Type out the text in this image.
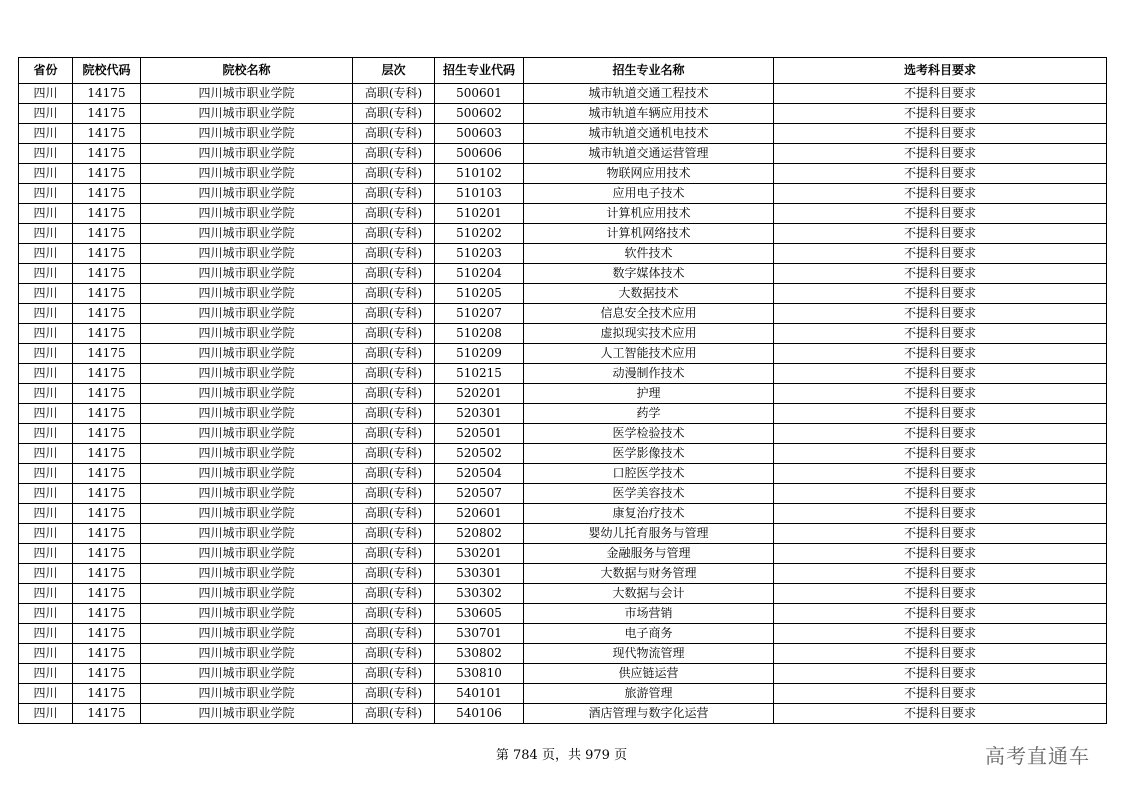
省份	院校代码	院校名称	层次	招生专业代码	招生专业名称	选考科目要求
四川	14175	四川城市职业学院	高职(专科)	500601	城市轨道交通工程技术	不提科目要求
四川	14175	四川城市职业学院	高职(专科)	500602	城市轨道车辆应用技术	不提科目要求
四川	14175	四川城市职业学院	高职(专科)	500603	城市轨道交通机电技术	不提科目要求
四川	14175	四川城市职业学院	高职(专科)	500606	城市轨道交通运营管理	不提科目要求
四川	14175	四川城市职业学院	高职(专科)	510102	物联网应用技术	不提科目要求
四川	14175	四川城市职业学院	高职(专科)	510103	应用电子技术	不提科目要求
四川	14175	四川城市职业学院	高职(专科)	510201	计算机应用技术	不提科目要求
四川	14175	四川城市职业学院	高职(专科)	510202	计算机网络技术	不提科目要求
四川	14175	四川城市职业学院	高职(专科)	510203	软件技术	不提科目要求
四川	14175	四川城市职业学院	高职(专科)	510204	数字媒体技术	不提科目要求
四川	14175	四川城市职业学院	高职(专科)	510205	大数据技术	不提科目要求
四川	14175	四川城市职业学院	高职(专科)	510207	信息安全技术应用	不提科目要求
四川	14175	四川城市职业学院	高职(专科)	510208	虚拟现实技术应用	不提科目要求
四川	14175	四川城市职业学院	高职(专科)	510209	人工智能技术应用	不提科目要求
四川	14175	四川城市职业学院	高职(专科)	510215	动漫制作技术	不提科目要求
四川	14175	四川城市职业学院	高职(专科)	520201	护理	不提科目要求
四川	14175	四川城市职业学院	高职(专科)	520301	药学	不提科目要求
四川	14175	四川城市职业学院	高职(专科)	520501	医学检验技术	不提科目要求
四川	14175	四川城市职业学院	高职(专科)	520502	医学影像技术	不提科目要求
四川	14175	四川城市职业学院	高职(专科)	520504	口腔医学技术	不提科目要求
四川	14175	四川城市职业学院	高职(专科)	520507	医学美容技术	不提科目要求
四川	14175	四川城市职业学院	高职(专科)	520601	康复治疗技术	不提科目要求
四川	14175	四川城市职业学院	高职(专科)	520802	婴幼儿托育服务与管理	不提科目要求
四川	14175	四川城市职业学院	高职(专科)	530201	金融服务与管理	不提科目要求
四川	14175	四川城市职业学院	高职(专科)	530301	大数据与财务管理	不提科目要求
四川	14175	四川城市职业学院	高职(专科)	530302	大数据与会计	不提科目要求
四川	14175	四川城市职业学院	高职(专科)	530605	市场营销	不提科目要求
四川	14175	四川城市职业学院	高职(专科)	530701	电子商务	不提科目要求
四川	14175	四川城市职业学院	高职(专科)	530802	现代物流管理	不提科目要求
四川	14175	四川城市职业学院	高职(专科)	530810	供应链运营	不提科目要求
四川	14175	四川城市职业学院	高职(专科)	540101	旅游管理	不提科目要求
四川	14175	四川城市职业学院	高职(专科)	540106	酒店管理与数字化运营	不提科目要求
第 784 页，共 979 页	高考直通车
